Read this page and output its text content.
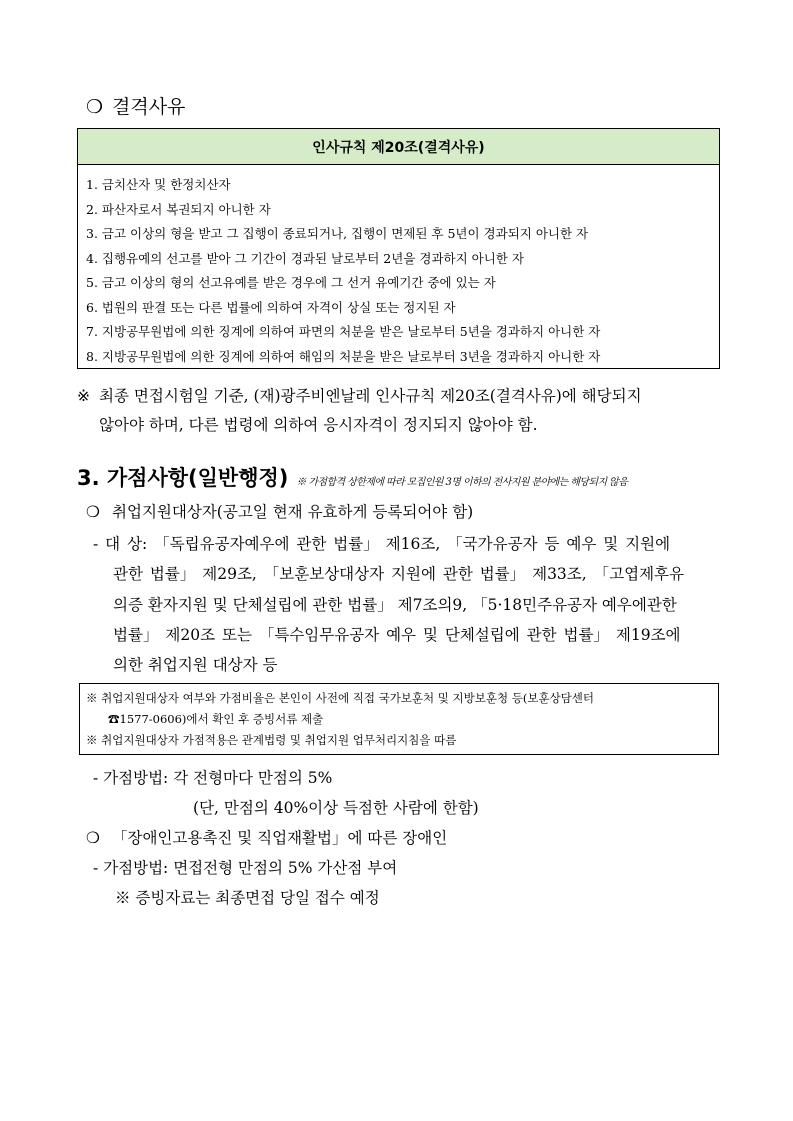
❍ 결격사유
인사규칙 제20조(결격사유)
1. 금치산자 및 한정치산자
2. 파산자로서 복권되지 아니한 자
3. 금고 이상의 형을 받고 그 집행이 종료되거나, 집행이 면제된 후 5년이 경과되지 아니한 자
4. 집행유예의 선고를 받아 그 기간이 경과된 날로부터 2년을 경과하지 아니한 자
5. 금고 이상의 형의 선고유예를 받은 경우에 그 선거 유예기간 중에 있는 자
6. 법원의 판결 또는 다른 법률에 의하여 자격이 상실 또는 정지된 자
7. 지방공무원법에 의한 징계에 의하여 파면의 처분을 받은 날로부터 5년을 경과하지 아니한 자
8. 지방공무원법에 의한 징계에 의하여 해임의 처분을 받은 날로부터 3년을 경과하지 아니한 자
※ 최종 면접시험일 기준, (재)광주비엔날레 인사규칙 제20조(결격사유)에 해당되지
않아야 하며, 다른 법령에 의하여 응시자격이 정지되지 않아야 함.
3. 가점사항(일반행정) ※ 가점합격 상한제에 따라 모집인원 3명 이하의 전사지원 분야에는 해당되지 않음
❍ 취업지원대상자(공고일 현재 유효하게 등록되어야 함)
- 대 상: 「독립유공자예우에 관한 법률」 제16조, 「국가유공자 등 예우 및 지원에
관한 법률」 제29조, 「보훈보상대상자 지원에 관한 법률」 제33조, 「고엽제후유
의증 환자지원 및 단체설립에 관한 법률」 제7조의9, 「5·18민주유공자 예우에관한
법률」 제20조 또는 「특수임무유공자 예우 및 단체설립에 관한 법률」 제19조에
의한 취업지원 대상자 등
※ 취업지원대상자 여부와 가점비율은 본인이 사전에 직접 국가보훈처 및 지방보훈청 등(보훈상담센터
☎1577-0606)에서 확인 후 증빙서류 제출
※ 취업지원대상자 가점적용은 관계법령 및 취업지원 업무처리지침을 따름
- 가점방법: 각 전형마다 만점의 5%
(단, 만점의 40%이상 득점한 사람에 한함)
❍ 「장애인고용촉진 및 직업재활법」에 따른 장애인
- 가점방법: 면접전형 만점의 5% 가산점 부여
※ 증빙자료는 최종면접 당일 접수 예정
